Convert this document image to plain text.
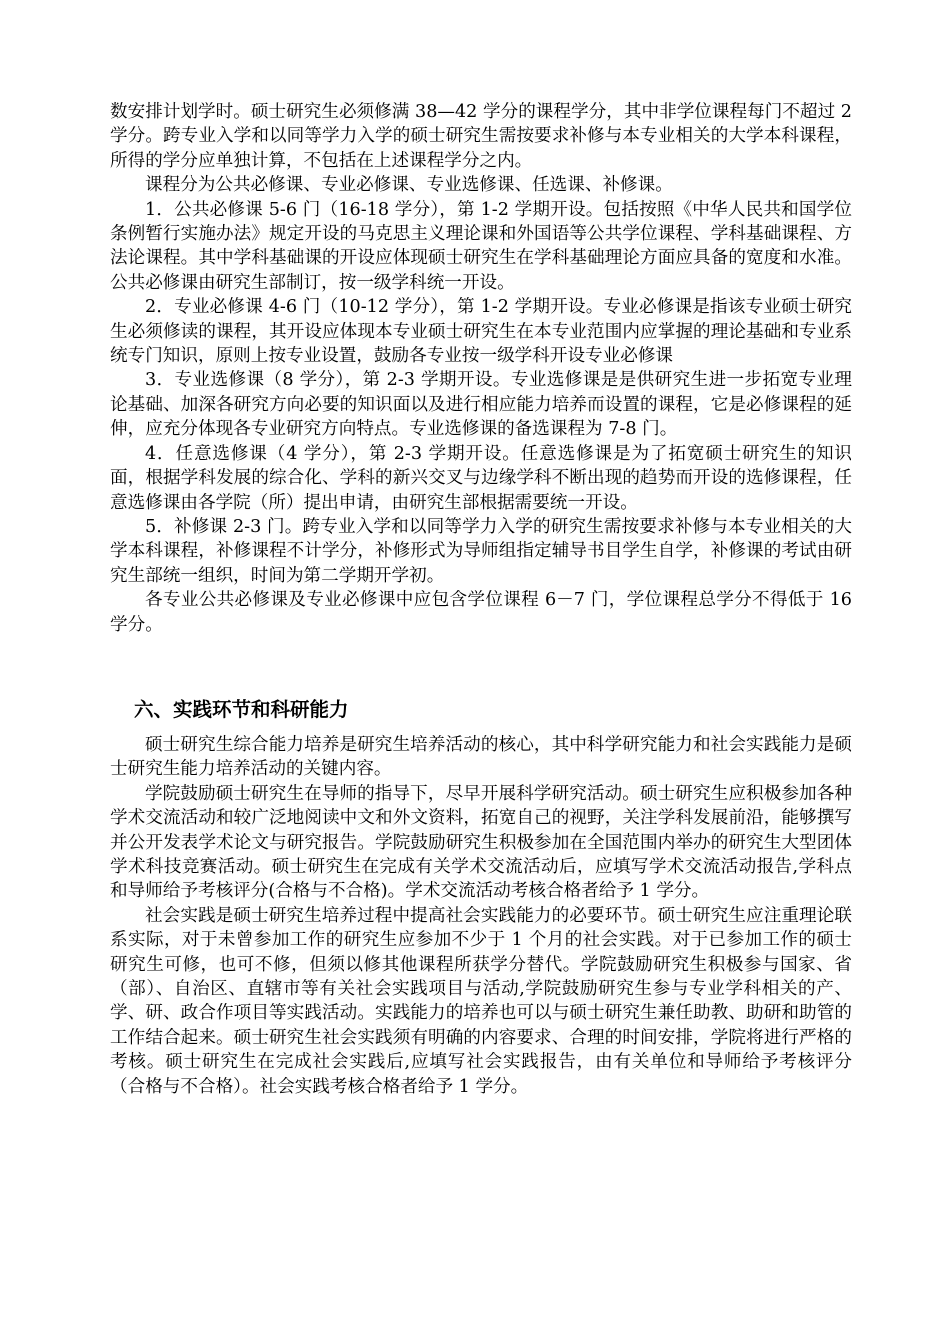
数安排计划学时。硕士研究生必须修满 38—42 学分的课程学分，其中非学位课程每门不超过 2 学分。跨专业入学和以同等学力入学的硕士研究生需按要求补修与本专业相关的大学本科课程，所得的学分应单独计算，不包括在上述课程学分之内。

课程分为公共必修课、专业必修课、专业选修课、任选课、补修课。

1．公共必修课 5-6 门（16-18 学分），第 1-2 学期开设。包括按照《中华人民共和国学位条例暂行实施办法》规定开设的马克思主义理论课和外国语等公共学位课程、学科基础课程、方法论课程。其中学科基础课的开设应体现硕士研究生在学科基础理论方面应具备的宽度和水准。公共必修课由研究生部制订，按一级学科统一开设。

2．专业必修课 4-6 门（10-12 学分），第 1-2 学期开设。专业必修课是指该专业硕士研究生必须修读的课程，其开设应体现本专业硕士研究生在本专业范围内应掌握的理论基础和专业系统专门知识，原则上按专业设置，鼓励各专业按一级学科开设专业必修课

3．专业选修课（8 学分），第 2-3 学期开设。专业选修课是是供研究生进一步拓宽专业理论基础、加深各研究方向必要的知识面以及进行相应能力培养而设置的课程，它是必修课程的延伸，应充分体现各专业研究方向特点。专业选修课的备选课程为 7-8 门。

4．任意选修课（4 学分），第 2-3 学期开设。任意选修课是为了拓宽硕士研究生的知识面，根据学科发展的综合化、学科的新兴交叉与边缘学科不断出现的趋势而开设的选修课程，任意选修课由各学院（所）提出申请，由研究生部根据需要统一开设。

5．补修课 2-3 门。跨专业入学和以同等学力入学的研究生需按要求补修与本专业相关的大学本科课程，补修课程不计学分，补修形式为导师组指定辅导书目学生自学，补修课的考试由研究生部统一组织，时间为第二学期开学初。

各专业公共必修课及专业必修课中应包含学位课程 6－7 门，学位课程总学分不得低于 16 学分。

六、实践环节和科研能力

硕士研究生综合能力培养是研究生培养活动的核心，其中科学研究能力和社会实践能力是硕士研究生能力培养活动的关键内容。

学院鼓励硕士研究生在导师的指导下，尽早开展科学研究活动。硕士研究生应积极参加各种学术交流活动和较广泛地阅读中文和外文资料，拓宽自己的视野，关注学科发展前沿，能够撰写并公开发表学术论文与研究报告。学院鼓励研究生积极参加在全国范围内举办的研究生大型团体学术科技竞赛活动。硕士研究生在完成有关学术交流活动后，应填写学术交流活动报告,学科点和导师给予考核评分(合格与不合格)。学术交流活动考核合格者给予 1 学分。

社会实践是硕士研究生培养过程中提高社会实践能力的必要环节。硕士研究生应注重理论联系实际，对于未曾参加工作的研究生应参加不少于 1 个月的社会实践。对于已参加工作的硕士研究生可修，也可不修，但须以修其他课程所获学分替代。学院鼓励研究生积极参与国家、省（部）、自治区、直辖市等有关社会实践项目与活动,学院鼓励研究生参与专业学科相关的产、学、研、政合作项目等实践活动。实践能力的培养也可以与硕士研究生兼任助教、助研和助管的工作结合起来。硕士研究生社会实践须有明确的内容要求、合理的时间安排，学院将进行严格的考核。硕士研究生在完成社会实践后,应填写社会实践报告，由有关单位和导师给予考核评分（合格与不合格）。社会实践考核合格者给予 1 学分。
